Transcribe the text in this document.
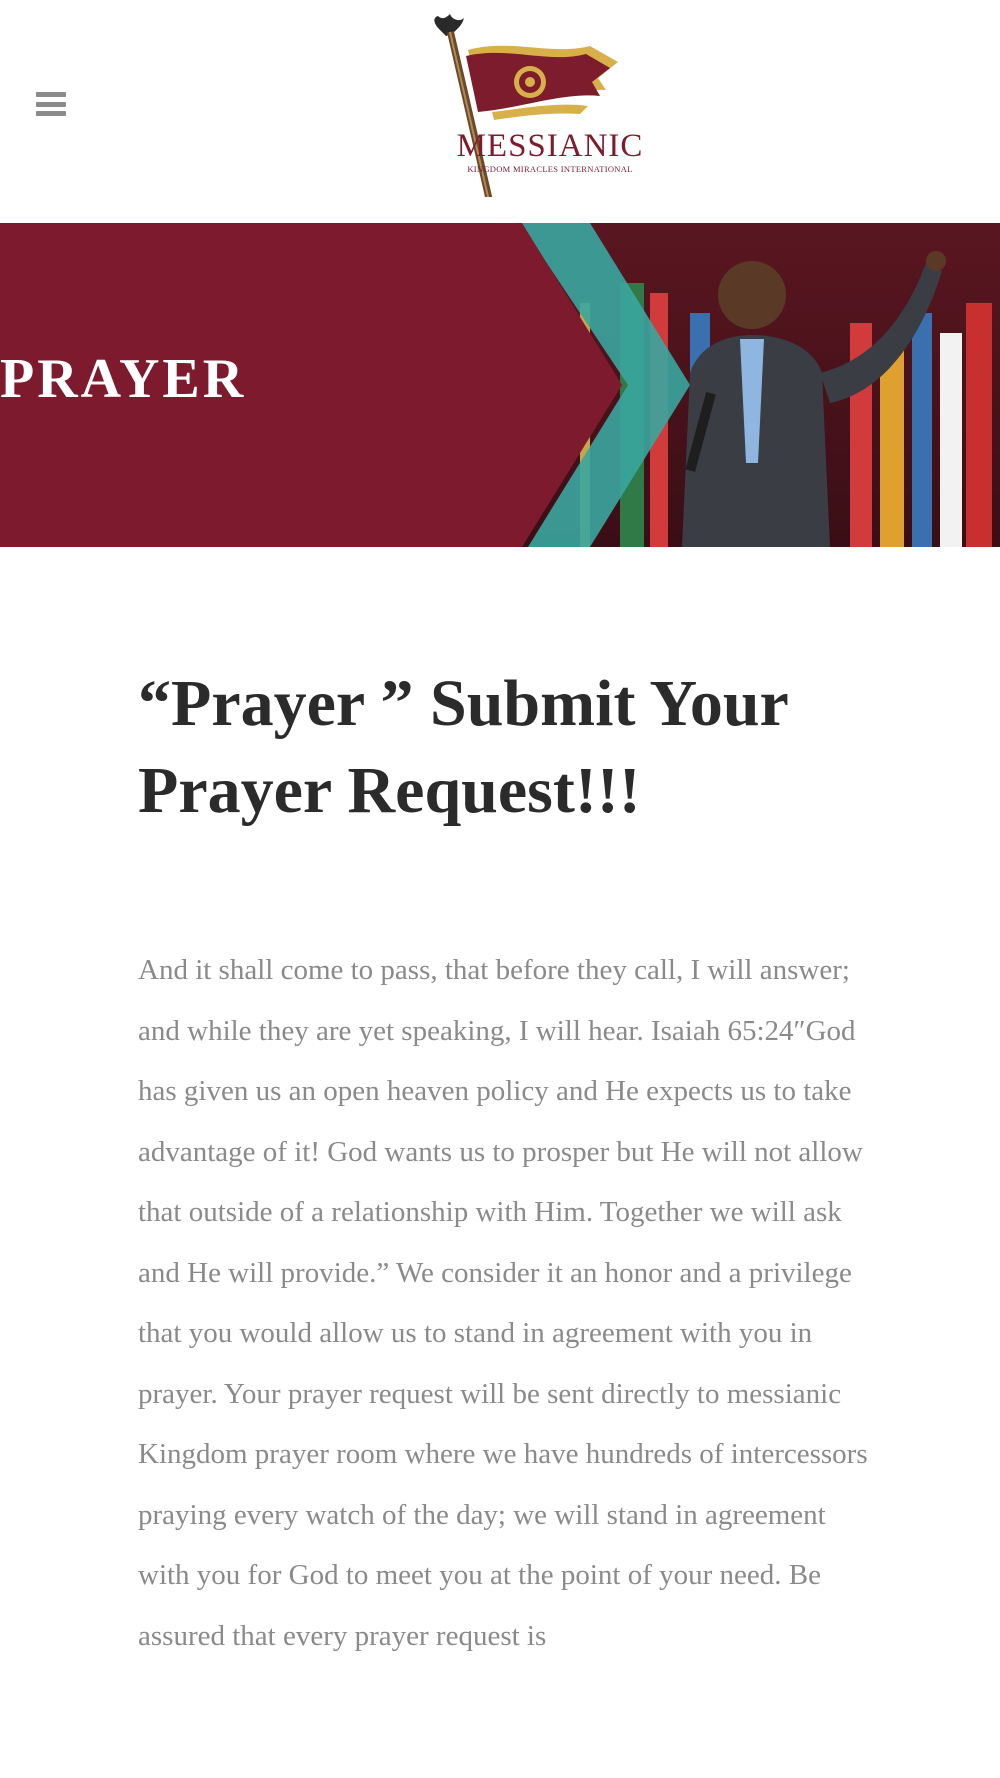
MESSIANIC
KINGDOM MIRACLES INTERNATIONAL
PRAYER
“Prayer ” Submit Your Prayer Request!!!

And it shall come to pass, that before they call, I will answer; and while they are yet speaking, I will hear. Isaiah 65:24″God has given us an open heaven policy and He expects us to take advantage of it! God wants us to prosper but He will not allow that outside of a relationship with Him. Together we will ask and He will provide.” We consider it an honor and a privilege that you would allow us to stand in agreement with you in prayer. Your prayer request will be sent directly to messianic Kingdom prayer room where we have hundreds of intercessors praying every watch of the day; we will stand in agreement with you for God to meet you at the point of your need. Be assured that every prayer request is
